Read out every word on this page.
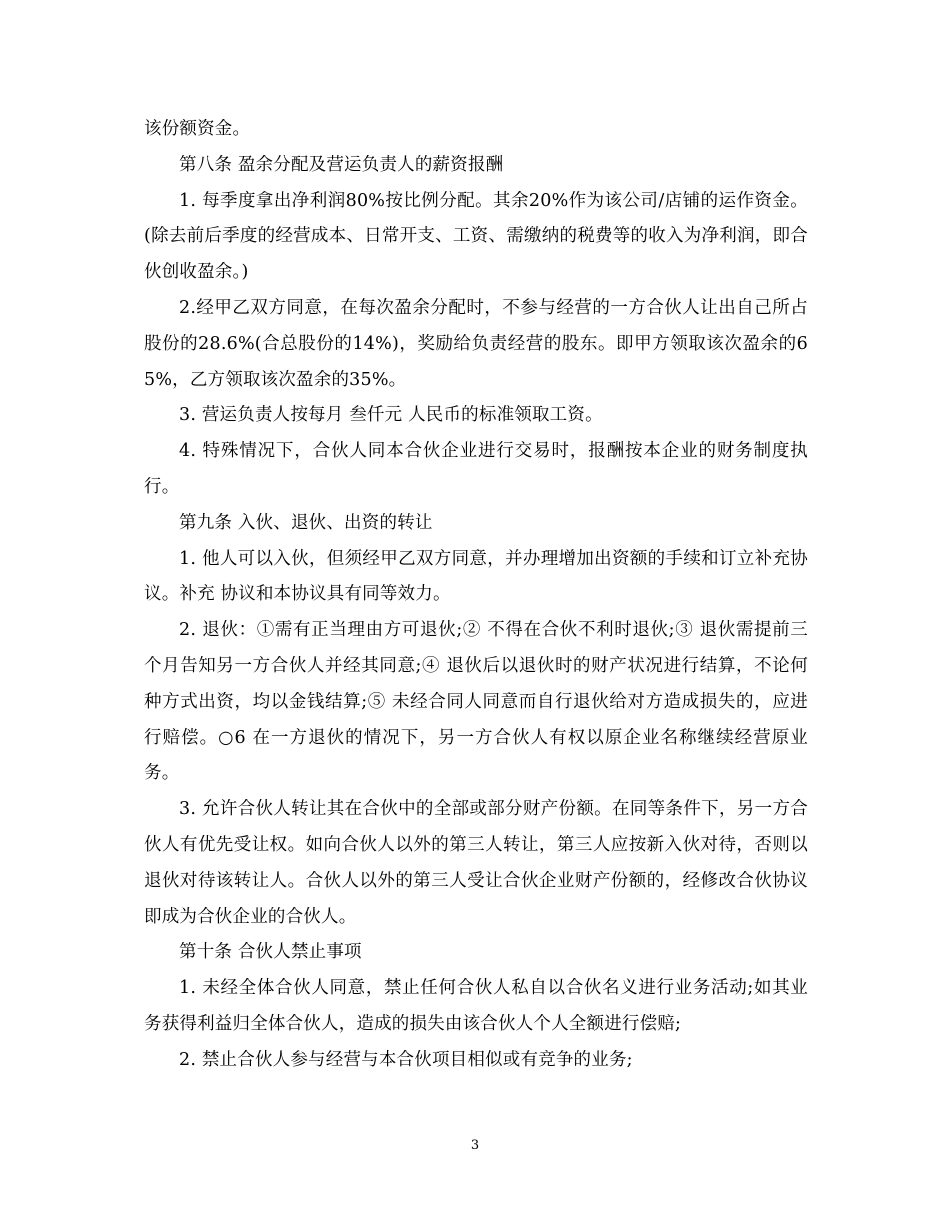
该份额资金。

第八条 盈余分配及营运负责人的薪资报酬

1. 每季度拿出净利润80%按比例分配。其余20%作为该公司/店铺的运作资金。(除去前后季度的经营成本、日常开支、工资、需缴纳的税费等的收入为净利润，即合伙创收盈余。)

2.经甲乙双方同意，在每次盈余分配时，不参与经营的一方合伙人让出自己所占股份的28.6%(合总股份的14%)，奖励给负责经营的股东。即甲方领取该次盈余的65%，乙方领取该次盈余的35%。

3. 营运负责人按每月 叁仟元 人民币的标准领取工资。

4. 特殊情况下，合伙人同本合伙企业进行交易时，报酬按本企业的财务制度执行。

第九条 入伙、退伙、出资的转让

1. 他人可以入伙，但须经甲乙双方同意，并办理增加出资额的手续和订立补充协议。补充 协议和本协议具有同等效力。

2. 退伙：①需有正当理由方可退伙;② 不得在合伙不利时退伙;③ 退伙需提前三个月告知另一方合伙人并经其同意;④ 退伙后以退伙时的财产状况进行结算，不论何种方式出资，均以金钱结算;⑤ 未经合同人同意而自行退伙给对方造成损失的，应进行赔偿。○6 在一方退伙的情况下，另一方合伙人有权以原企业名称继续经营原业务。

3. 允许合伙人转让其在合伙中的全部或部分财产份额。在同等条件下，另一方合伙人有优先受让权。如向合伙人以外的第三人转让，第三人应按新入伙对待，否则以退伙对待该转让人。合伙人以外的第三人受让合伙企业财产份额的，经修改合伙协议即成为合伙企业的合伙人。

第十条 合伙人禁止事项

1. 未经全体合伙人同意，禁止任何合伙人私自以合伙名义进行业务活动;如其业务获得利益归全体合伙人，造成的损失由该合伙人个人全额进行偿赔;

2. 禁止合伙人参与经营与本合伙项目相似或有竞争的业务;

3
